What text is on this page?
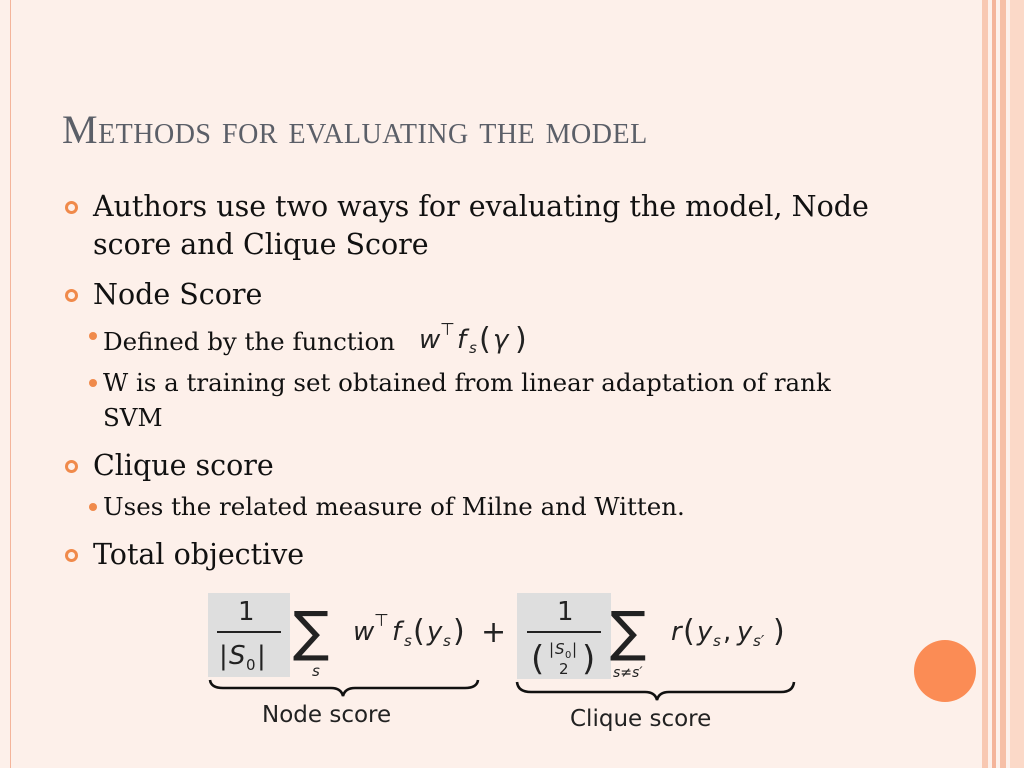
Methods for evaluating the model
Authors use two ways for evaluating the model, Node score and Clique Score
Node Score
Defined by the function w ⊤ f s ( γ )
W is a training set obtained from linear adaptation of rank SVM
Clique score
Uses the related measure of Milne and Witten.
Total objective
1
| S 0 | ∑
s
w ⊤ f s ( y s ) +
1
( | S 0 |
2 ) ∑
s≠s′
r ( y s , y s′ )
Node score	Clique score
